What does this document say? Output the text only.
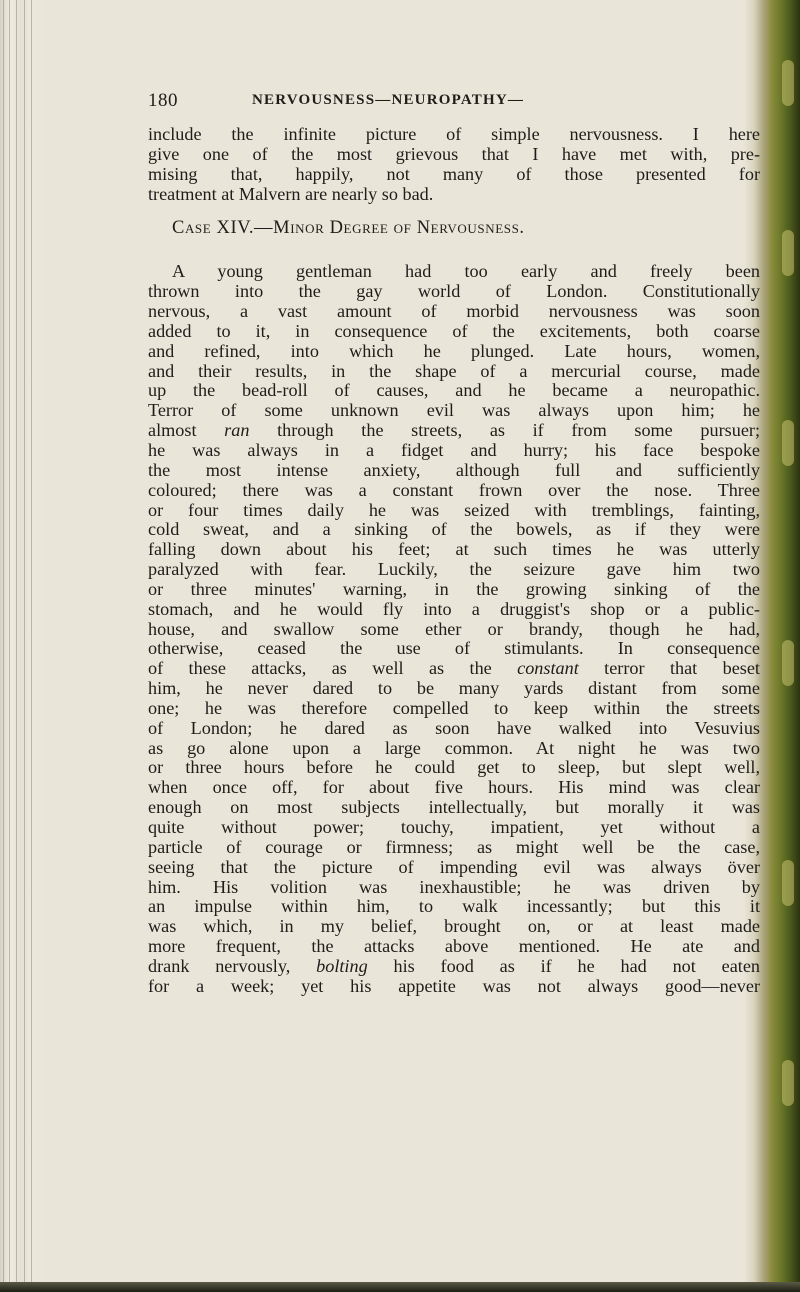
180	NERVOUSNESS—NEUROPATHY—

include the infinite picture of simple nervousness. I here
give one of the most grievous that I have met with, pre-
mising that, happily, not many of those presented for
treatment at Malvern are nearly so bad.

Case XIV.—Minor Degree of Nervousness.

A young gentleman had too early and freely been
thrown into the gay world of London. Constitutionally
nervous, a vast amount of morbid nervousness was soon
added to it, in consequence of the excitements, both coarse
and refined, into which he plunged. Late hours, women,
and their results, in the shape of a mercurial course, made
up the bead-roll of causes, and he became a neuropathic.
Terror of some unknown evil was always upon him; he
almost ran through the streets, as if from some pursuer;
he was always in a fidget and hurry; his face bespoke
the most intense anxiety, although full and sufficiently
coloured; there was a constant frown over the nose. Three
or four times daily he was seized with tremblings, fainting,
cold sweat, and a sinking of the bowels, as if they were
falling down about his feet; at such times he was utterly
paralyzed with fear. Luckily, the seizure gave him two
or three minutes' warning, in the growing sinking of the
stomach, and he would fly into a druggist's shop or a public-
house, and swallow some ether or brandy, though he had,
otherwise, ceased the use of stimulants. In consequence
of these attacks, as well as the constant terror that beset
him, he never dared to be many yards distant from some
one; he was therefore compelled to keep within the streets
of London; he dared as soon have walked into Vesuvius
as go alone upon a large common. At night he was two
or three hours before he could get to sleep, but slept well,
when once off, for about five hours. His mind was clear
enough on most subjects intellectually, but morally it was
quite without power; touchy, impatient, yet without a
particle of courage or firmness; as might well be the case,
seeing that the picture of impending evil was always över
him. His volition was inexhaustible; he was driven by
an impulse within him, to walk incessantly; but this it
was which, in my belief, brought on, or at least made
more frequent, the attacks above mentioned. He ate and
drank nervously, bolting his food as if he had not eaten
for a week; yet his appetite was not always good—never
